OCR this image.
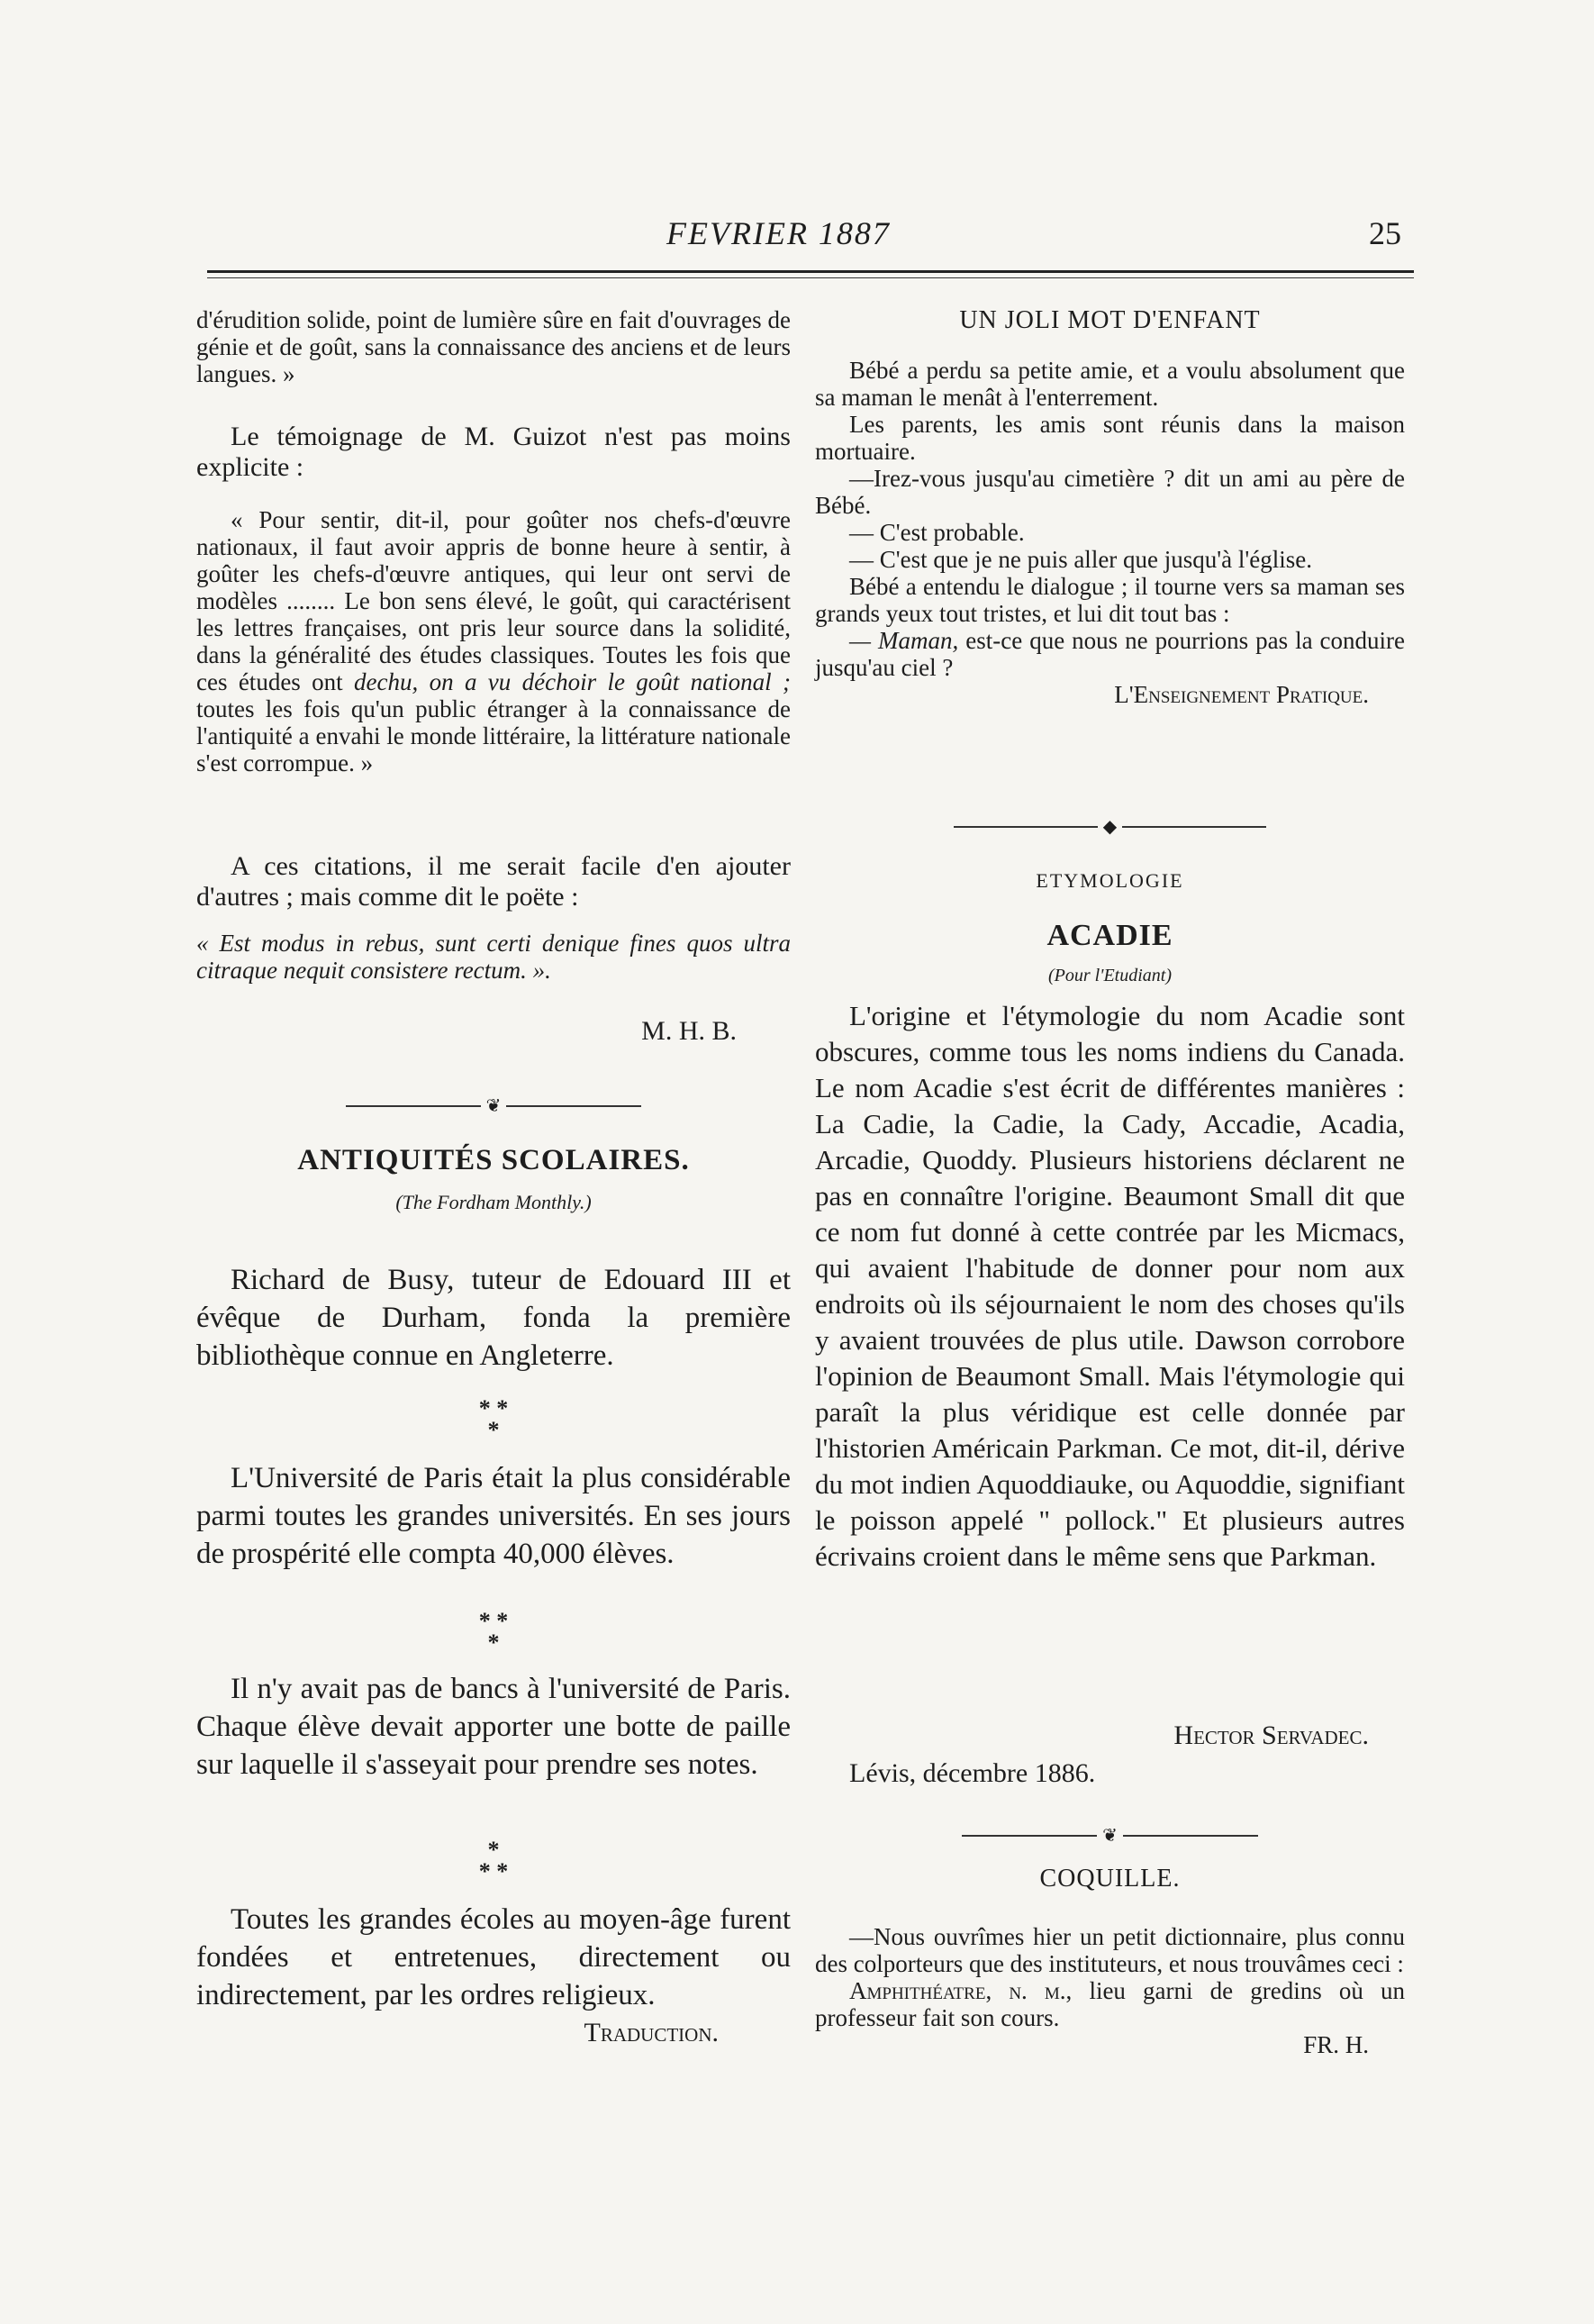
FEVRIER 1887	25

d'érudition solide, point de lumière sûre en fait d'ouvrages de génie et de goût, sans la connaissance des anciens et de leurs langues. »

Le témoignage de M. Guizot n'est pas moins explicite :

« Pour sentir, dit-il, pour goûter nos chefs-d'œuvre nationaux, il faut avoir appris de bonne heure à sentir, à goûter les chefs-d'œuvre antiques, qui leur ont servi de modèles ........ Le bon sens élevé, le goût, qui caractérisent les lettres françaises, ont pris leur source dans la solidité, dans la généralité des études classiques. Toutes les fois que ces études ont dechu, on a vu déchoir le goût national ; toutes les fois qu'un public étranger à la connaissance de l'antiquité a envahi le monde littéraire, la littérature nationale s'est corrompue. »

A ces citations, il me serait facile d'en ajouter d'autres ; mais comme dit le poëte :

« Est modus in rebus, sunt certi denique fines quos ultra citraque nequit consistere rectum. ».

M. H. B.

❦

ANTIQUITÉS SCOLAIRES.

(The Fordham Monthly.)

Richard de Busy, tuteur de Edouard III et évêque de Durham, fonda la première bibliothèque connue en Angleterre.

* *
*

L'Université de Paris était la plus considérable parmi toutes les grandes universités. En ses jours de prospérité elle compta 40,000 élèves.

* *
*

Il n'y avait pas de bancs à l'université de Paris. Chaque élève devait apporter une botte de paille sur laquelle il s'asseyait pour prendre ses notes.

*
* *

Toutes les grandes écoles au moyen-âge furent fondées et entretenues, directement ou indirectement, par les ordres religieux.

Traduction.

UN JOLI MOT D'ENFANT

Bébé a perdu sa petite amie, et a voulu absolument que sa maman le menât à l'enterrement.

Les parents, les amis sont réunis dans la maison mortuaire.

—Irez-vous jusqu'au cimetière ? dit un ami au père de Bébé.

— C'est probable.

— C'est que je ne puis aller que jusqu'à l'église.

Bébé a entendu le dialogue ; il tourne vers sa maman ses grands yeux tout tristes, et lui dit tout bas :

— Maman, est-ce que nous ne pourrions pas la conduire jusqu'au ciel ?

L'Enseignement Pratique.

◆

ETYMOLOGIE

ACADIE

(Pour l'Etudiant)

L'origine et l'étymologie du nom Acadie sont obscures, comme tous les noms indiens du Canada. Le nom Acadie s'est écrit de différentes manières : La Cadie, la Cadie, la Cady, Accadie, Acadia, Arcadie, Quoddy. Plusieurs historiens déclarent ne pas en connaître l'origine. Beaumont Small dit que ce nom fut donné à cette contrée par les Micmacs, qui avaient l'habitude de donner pour nom aux endroits où ils séjournaient le nom des choses qu'ils y avaient trouvées de plus utile. Dawson corrobore l'opinion de Beaumont Small. Mais l'étymologie qui paraît la plus véridique est celle donnée par l'historien Américain Parkman. Ce mot, dit-il, dérive du mot indien Aquoddiauke, ou Aquoddie, signifiant le poisson appelé " pollock." Et plusieurs autres écrivains croient dans le même sens que Parkman.

Hector Servadec.

Lévis, décembre 1886.

❦

COQUILLE.

—Nous ouvrîmes hier un petit dictionnaire, plus connu des colporteurs que des instituteurs, et nous trouvâmes ceci :

Amphithéatre, n. m., lieu garni de gredins où un professeur fait son cours.

FR. H.
